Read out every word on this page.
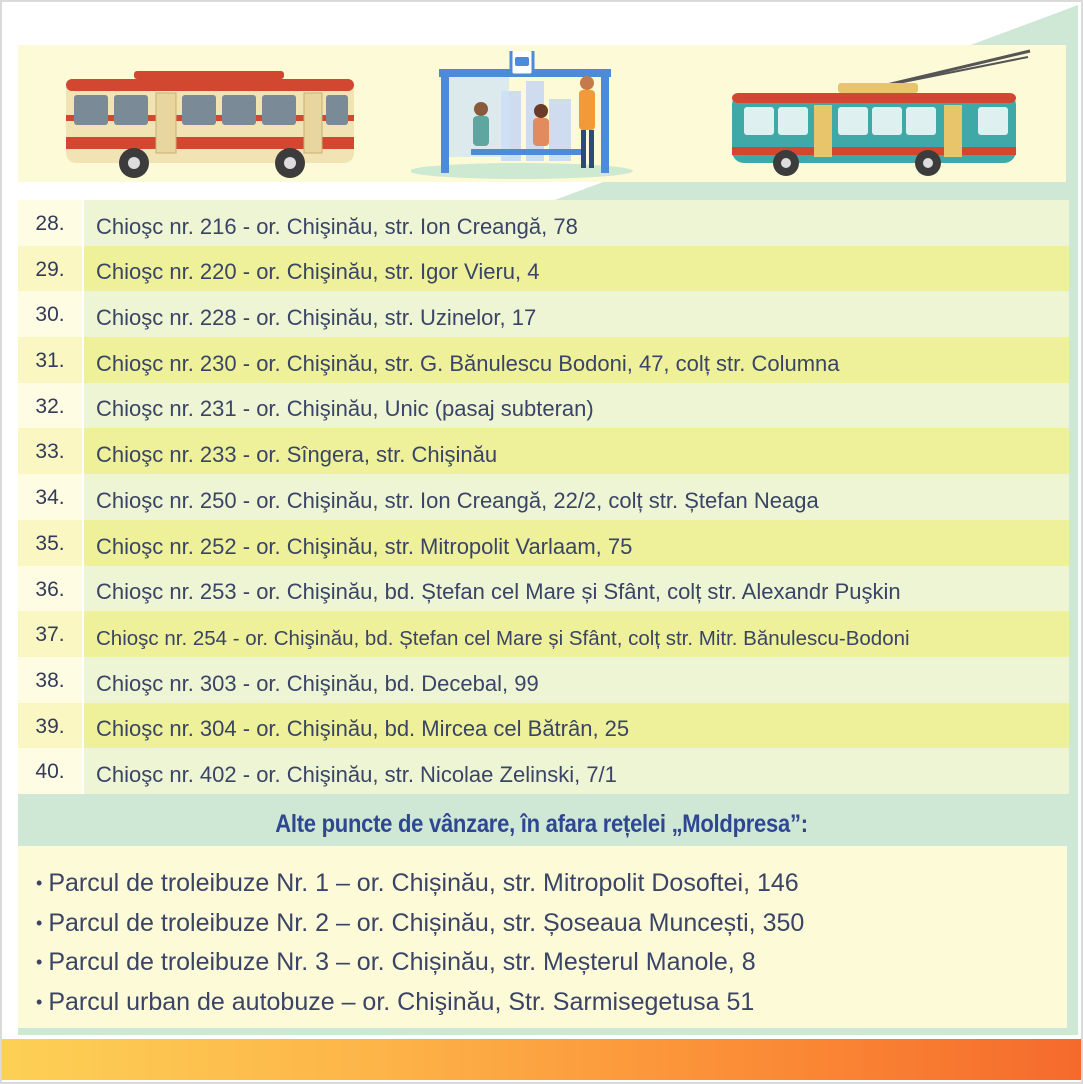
28.	Chioşc nr. 216 - or. Chişinău, str. Ion Creangă, 78
29.	Chioşc nr. 220 - or. Chişinău, str. Igor Vieru, 4
30.	Chioşc nr. 228 - or. Chişinău, str. Uzinelor, 17
31.	Chioşc nr. 230 - or. Chişinău, str. G. Bănulescu Bodoni, 47, colț str. Columna
32.	Chioşc nr. 231 - or. Chişinău, Unic (pasaj subteran)
33.	Chioşc nr. 233 - or. Sîngera, str. Chişinău
34.	Chioşc nr. 250 - or. Chişinău, str. Ion Creangă, 22/2, colț str. Ștefan Neaga
35.	Chioşc nr. 252 - or. Chişinău, str. Mitropolit Varlaam, 75
36.	Chioşc nr. 253 - or. Chişinău, bd. Ștefan cel Mare și Sfânt, colț str. Alexandr Puşkin
37.	Chioşc nr. 254 - or. Chişinău, bd. Ștefan cel Mare și Sfânt, colț str. Mitr. Bănulescu-Bodoni
38.	Chioşc nr. 303 - or. Chişinău, bd. Decebal, 99
39.	Chioşc nr. 304 - or. Chişinău, bd. Mircea cel Bătrân, 25
40.	Chioşc nr. 402 - or. Chişinău, str. Nicolae Zelinski, 7/1
Alte puncte de vânzare, în afara rețelei „Moldpresa”:
• Parcul de troleibuze Nr. 1 – or. Chișinău, str. Mitropolit Dosoftei, 146
• Parcul de troleibuze Nr. 2 – or. Chișinău, str. Șoseaua Muncești, 350
• Parcul de troleibuze Nr. 3 – or. Chișinău, str. Meșterul Manole, 8
• Parcul urban de autobuze – or. Chişinău, Str. Sarmisegetusa 51
